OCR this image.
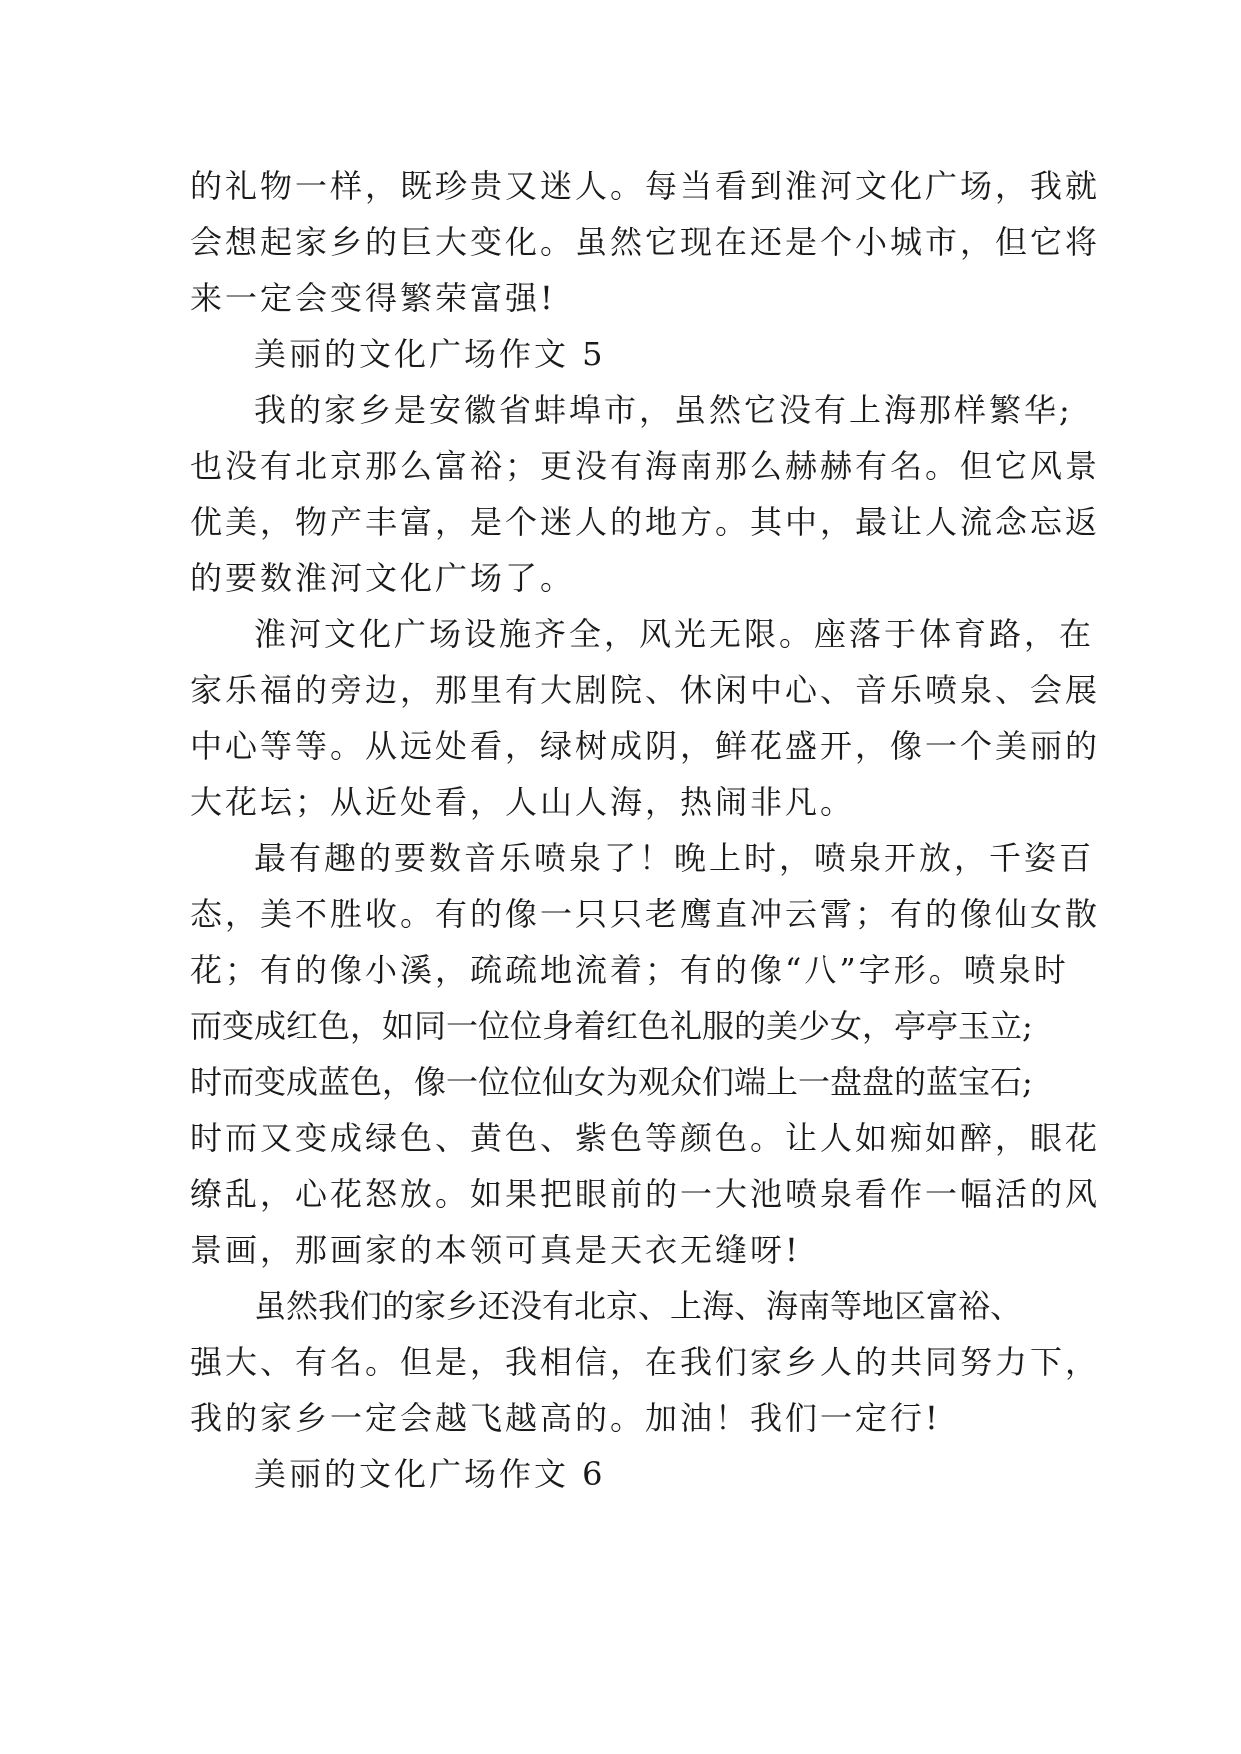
的礼物一样，既珍贵又迷人。每当看到淮河文化广场，我就
会想起家乡的巨大变化。虽然它现在还是个小城市，但它将
来一定会变得繁荣富强!
美丽的文化广场作文 5
我的家乡是安徽省蚌埠市，虽然它没有上海那样繁华;
也没有北京那么富裕；更没有海南那么赫赫有名。但它风景
优美，物产丰富，是个迷人的地方。其中，最让人流念忘返
的要数淮河文化广场了。
淮河文化广场设施齐全，风光无限。座落于体育路，在
家乐福的旁边，那里有大剧院、休闲中心、音乐喷泉、会展
中心等等。从远处看，绿树成阴，鲜花盛开，像一个美丽的
大花坛；从近处看，人山人海，热闹非凡。
最有趣的要数音乐喷泉了！晚上时，喷泉开放，千姿百
态，美不胜收。有的像一只只老鹰直冲云霄；有的像仙女散
花；有的像小溪，疏疏地流着；有的像“八”字形。喷泉时
而变成红色，如同一位位身着红色礼服的美少女，亭亭玉立;
时而变成蓝色，像一位位仙女为观众们端上一盘盘的蓝宝石;
时而又变成绿色、黄色、紫色等颜色。让人如痴如醉，眼花
缭乱，心花怒放。如果把眼前的一大池喷泉看作一幅活的风
景画，那画家的本领可真是天衣无缝呀!
虽然我们的家乡还没有北京、上海、海南等地区富裕、
强大、有名。但是，我相信，在我们家乡人的共同努力下，
我的家乡一定会越飞越高的。加油！我们一定行!
美丽的文化广场作文 6
